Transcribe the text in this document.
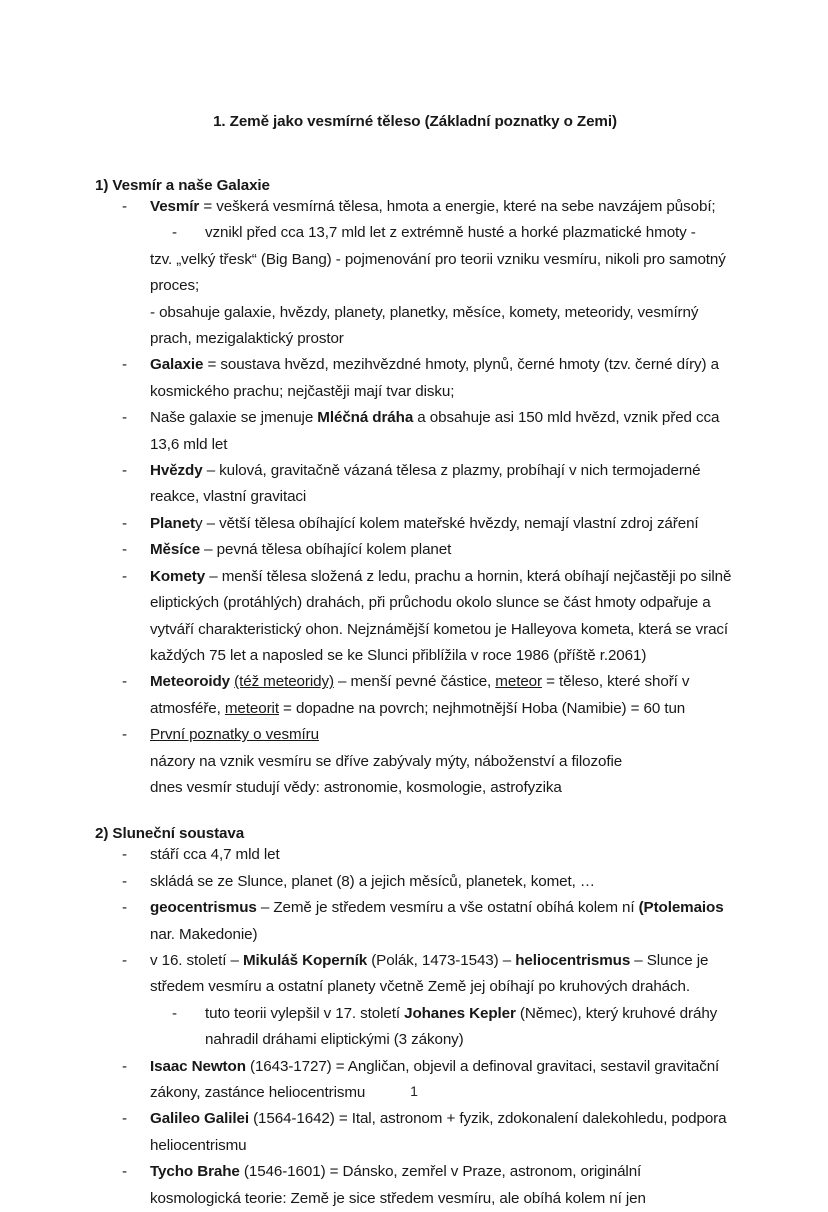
1. Země jako vesmírné těleso (Základní poznatky o Zemi)
1) Vesmír a naše Galaxie
- Vesmír = veškerá vesmírná tělesa, hmota a energie, které na sebe navzájem působí;
- vznikl před cca 13,7 mld let z extrémně husté a horké plazmatické hmoty -
tzv. „velký třesk“ (Big Bang) - pojmenování pro teorii vzniku vesmíru, nikoli pro samotný proces;
- obsahuje galaxie, hvězdy, planety, planetky, měsíce, komety, meteoridy, vesmírný prach, mezigalaktický prostor
- Galaxie = soustava hvězd, mezihvězdné hmoty, plynů, černé hmoty (tzv. černé díry) a kosmického prachu; nejčastěji mají tvar disku;
- Naše galaxie se jmenuje Mléčná dráha a obsahuje asi 150 mld hvězd, vznik před cca 13,6 mld let
- Hvězdy – kulová, gravitačně vázaná tělesa z plazmy, probíhají v nich termojaderné reakce, vlastní gravitaci
- Planety – větší tělesa obíhající kolem mateřské hvězdy, nemají vlastní zdroj záření
- Měsíce – pevná tělesa obíhající kolem planet
- Komety – menší tělesa složená z ledu, prachu a hornin, která obíhají nejčastěji po silně eliptických (protáhlých) drahách, při průchodu okolo slunce se část hmoty odpařuje a vytváří charakteristický ohon. Nejznámější kometou je Halleyova kometa, která se vrací každých 75 let a naposled se ke Slunci přiblížila v roce 1986 (příště r.2061)
- Meteoroidy (též meteoridy) – menší pevné částice, meteor = těleso, které shoří v atmosféře, meteorit = dopadne na povrch; nejhmotnější Hoba (Namibie) = 60 tun
- První poznatky o vesmíru
názory na vznik vesmíru se dříve zabývaly mýty, náboženství a filozofie
dnes vesmír studují vědy: astronomie, kosmologie, astrofyzika
2) Sluneční soustava
- stáří cca 4,7 mld let
- skládá se ze Slunce, planet (8) a jejich měsíců, planetek, komet, …
- geocentrismus – Země je středem vesmíru a vše ostatní obíhá kolem ní (Ptolemaios nar. Makedonie)
- v 16. století – Mikuláš Koperník (Polák, 1473-1543) – heliocentrismus – Slunce je středem vesmíru a ostatní planety včetně Země jej obíhají po kruhových drahách.
- tuto teorii vylepšil v 17. století Johanes Kepler (Němec), který kruhové dráhy nahradil dráhami eliptickými (3 zákony)
- Isaac Newton (1643-1727) = Angličan, objevil a definoval gravitaci, sestavil gravitační zákony, zastánce heliocentrismu
- Galileo Galilei (1564-1642) = Ital, astronom + fyzik, zdokonalení dalekohledu, podpora heliocentrismu
- Tycho Brahe (1546-1601) = Dánsko, zemřel v Praze, astronom, originální kosmologická teorie: Země je sice středem vesmíru, ale obíhá kolem ní jen
1
